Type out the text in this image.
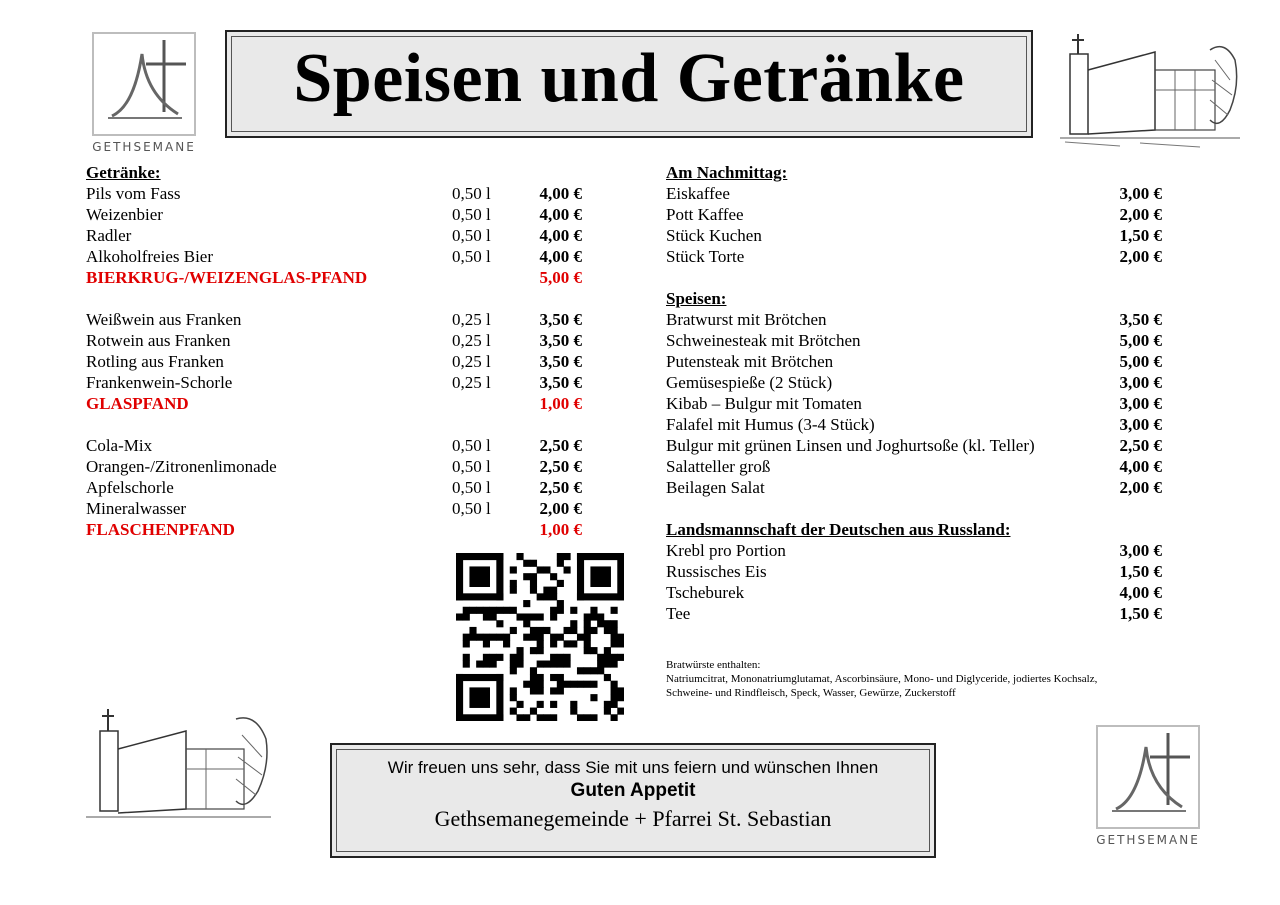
GETHSEMANE
Speisen und Getränke
Getränke:
Pils vom Fass	0,50 l	4,00 €
Weizenbier	0,50 l	4,00 €
Radler	0,50 l	4,00 €
Alkoholfreies Bier	0,50 l	4,00 €
BIERKRUG-/WEIZENGLAS-PFAND	5,00 €
Weißwein aus Franken	0,25 l	3,50 €
Rotwein aus Franken	0,25 l	3,50 €
Rotling aus Franken	0,25 l	3,50 €
Frankenwein-Schorle	0,25 l	3,50 €
GLASPFAND	1,00 €
Cola-Mix	0,50 l	2,50 €
Orangen-/Zitronenlimonade	0,50 l	2,50 €
Apfelschorle	0,50 l	2,50 €
Mineralwasser	0,50 l	2,00 €
FLASCHENPFAND	1,00 €
Am Nachmittag:
Eiskaffee	3,00 €
Pott Kaffee	2,00 €
Stück Kuchen	1,50 €
Stück Torte	2,00 €
Speisen:
Bratwurst mit Brötchen	3,50 €
Schweinesteak mit Brötchen	5,00 €
Putensteak mit Brötchen	5,00 €
Gemüsespieße (2 Stück)	3,00 €
Kibab – Bulgur mit Tomaten	3,00 €
Falafel mit Humus (3-4 Stück)	3,00 €
Bulgur mit grünen Linsen und Joghurtsoße (kl. Teller)	2,50 €
Salatteller groß	4,00 €
Beilagen Salat	2,00 €
Landsmannschaft der Deutschen aus Russland:
Krebl pro Portion	3,00 €
Russisches Eis	1,50 €
Tscheburek	4,00 €
Tee	1,50 €
Bratwürste enthalten:
Natriumcitrat, Mononatriumglutamat, Ascorbinsäure, Mono- und Diglyceride, jodiertes Kochsalz,
Schweine- und Rindfleisch, Speck, Wasser, Gewürze, Zuckerstoff
Wir freuen uns sehr, dass Sie mit uns feiern und wünschen Ihnen
Guten Appetit
Gethsemanegemeinde + Pfarrei St. Sebastian
GETHSEMANE
